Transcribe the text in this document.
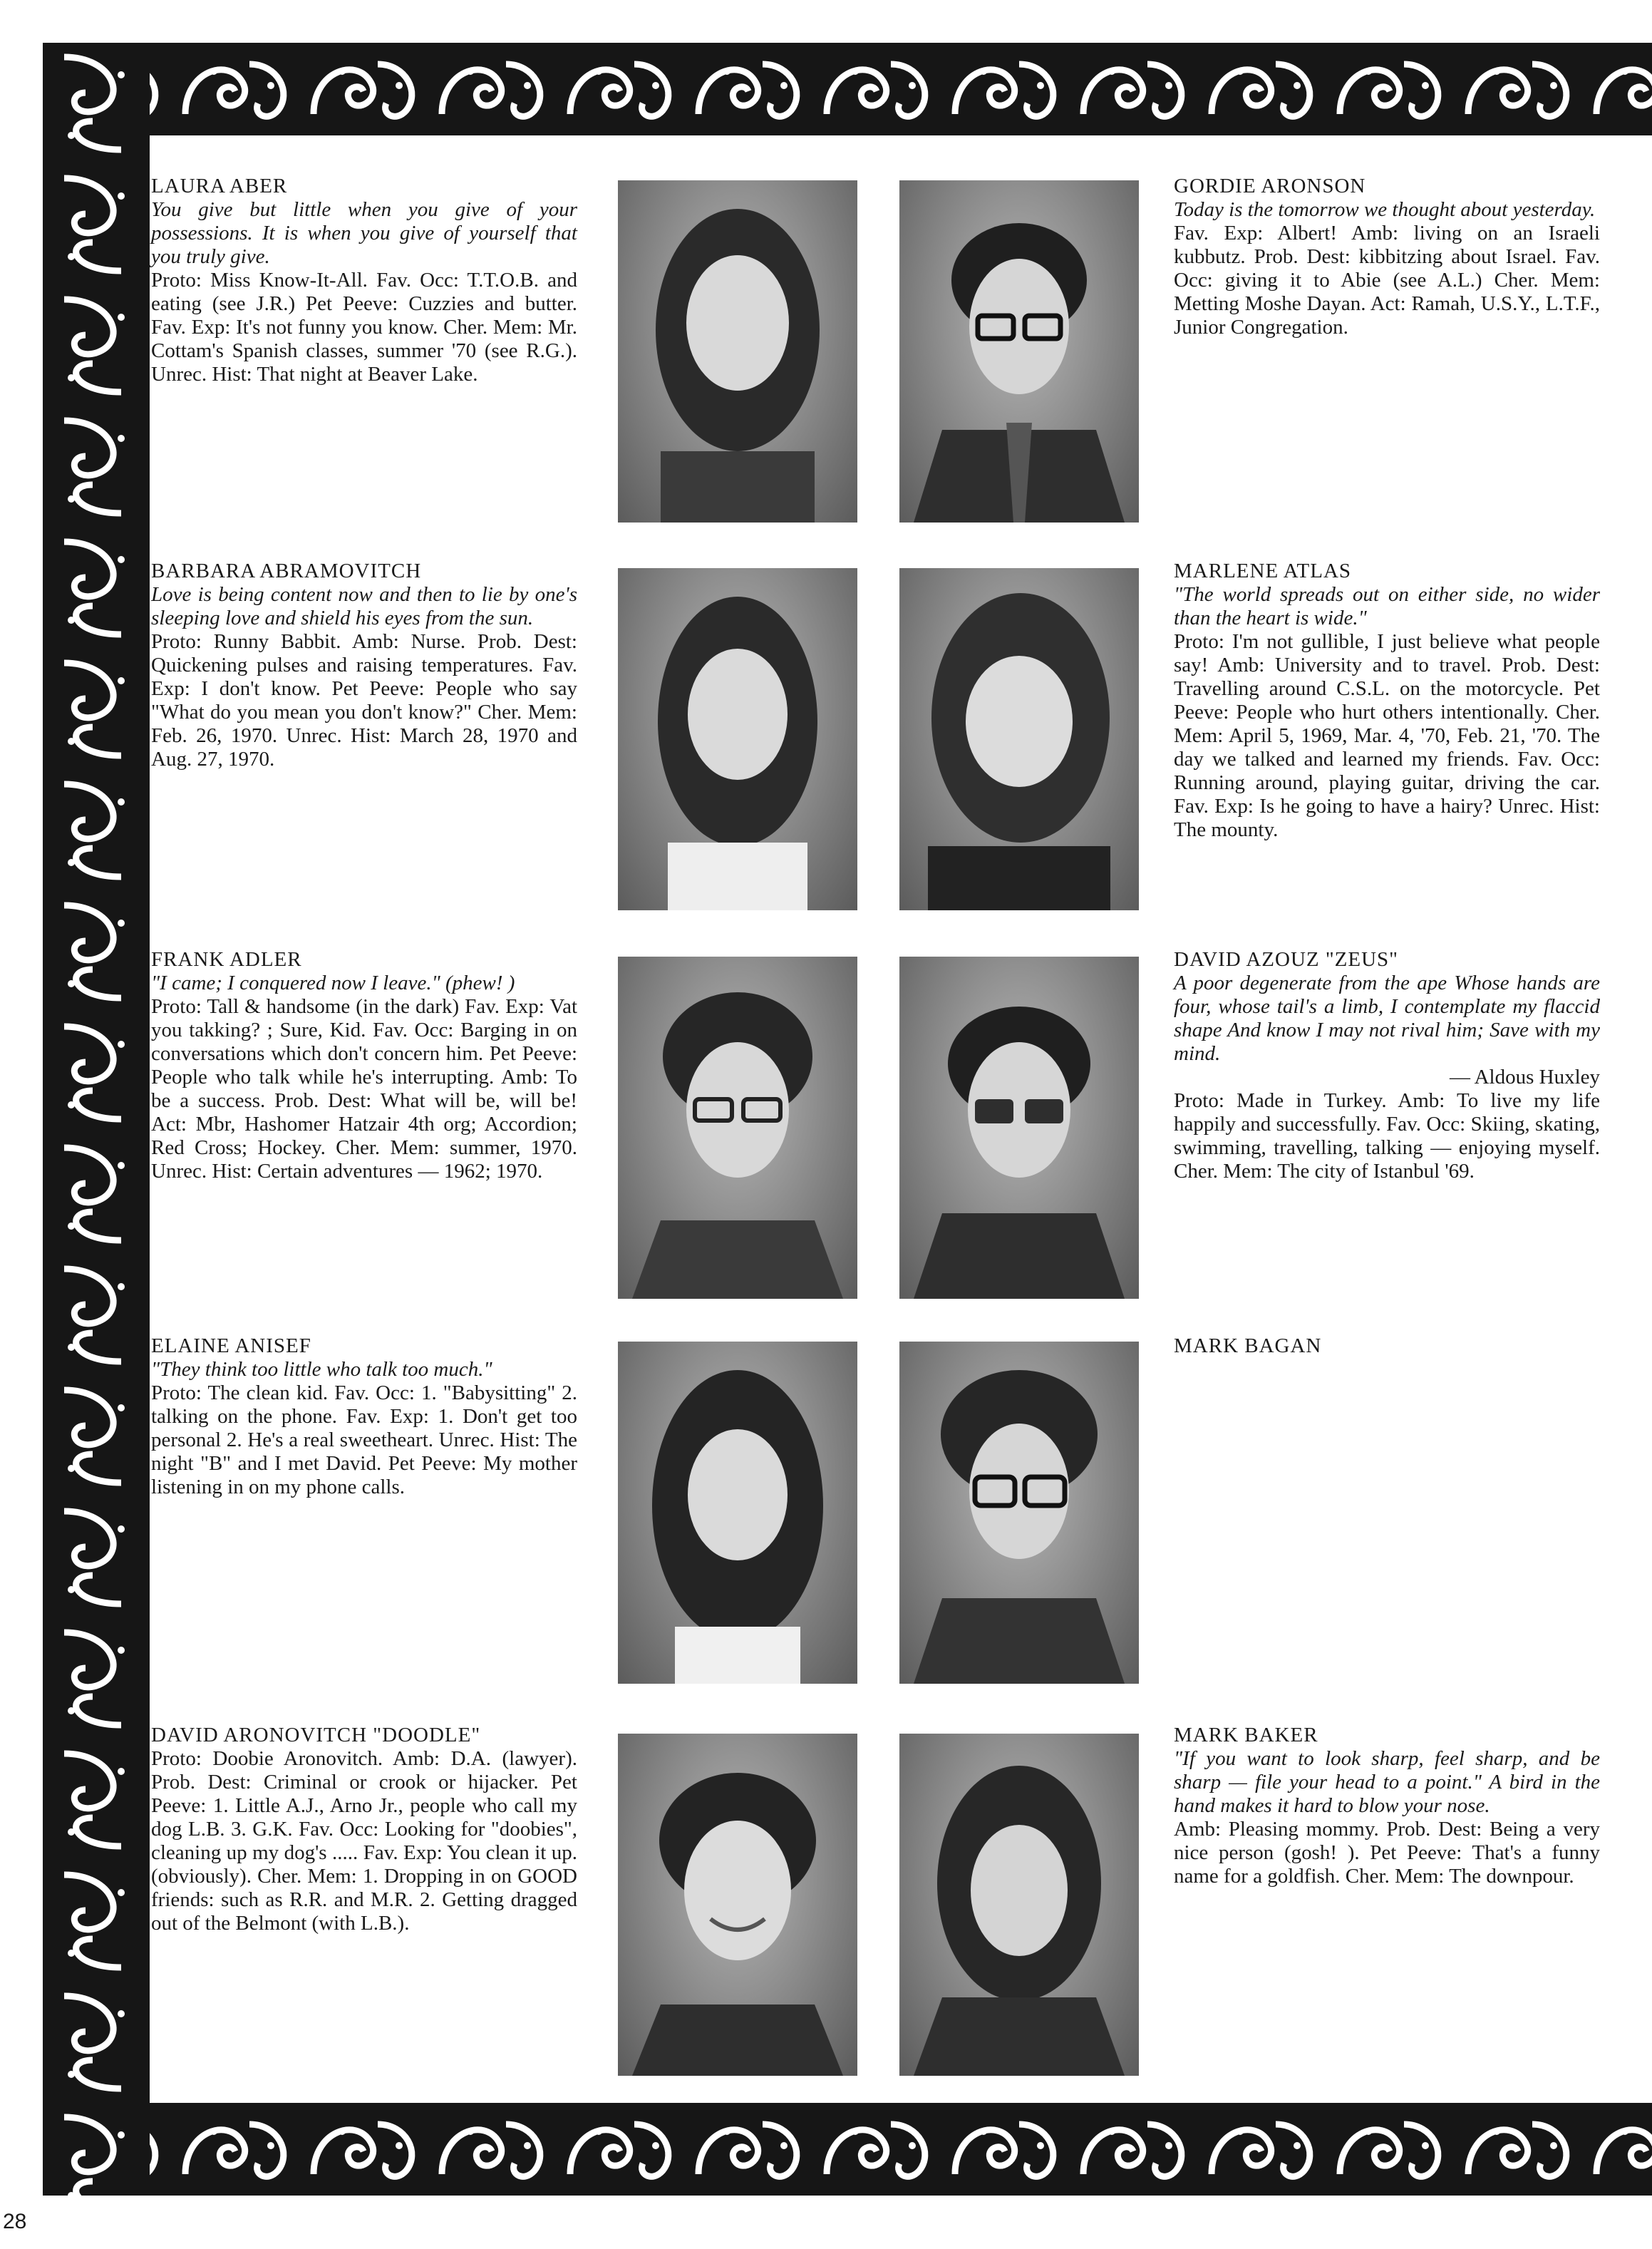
LAURA ABER
You give but little when you give of your possessions. It is when you give of yourself that you truly give.
Proto: Miss Know-It-All. Fav. Occ: T.T.O.B. and eating (see J.R.) Pet Peeve: Cuzzies and butter. Fav. Exp: It's not funny you know. Cher. Mem: Mr. Cottam's Spanish classes, summer '70 (see R.G.). Unrec. Hist: That night at Beaver Lake.
GORDIE ARONSON
Today is the tomorrow we thought about yesterday.
Fav. Exp: Albert! Amb: living on an Israeli kubbutz. Prob. Dest: kibbitzing about Israel. Fav. Occ: giving it to Abie (see A.L.) Cher. Mem: Metting Moshe Dayan. Act: Ramah, U.S.Y., L.T.F., Junior Congregation.
BARBARA ABRAMOVITCH
Love is being content now and then to lie by one's sleeping love and shield his eyes from the sun.
Proto: Runny Babbit. Amb: Nurse. Prob. Dest: Quickening pulses and raising temperatures. Fav. Exp: I don't know. Pet Peeve: People who say "What do you mean you don't know?" Cher. Mem: Feb. 26, 1970. Unrec. Hist: March 28, 1970 and Aug. 27, 1970.
MARLENE ATLAS
"The world spreads out on either side, no wider than the heart is wide."
Proto: I'm not gullible, I just believe what people say! Amb: University and to travel. Prob. Dest: Travelling around C.S.L. on the motorcycle. Pet Peeve: People who hurt others intentionally. Cher. Mem: April 5, 1969, Mar. 4, '70, Feb. 21, '70. The day we talked and learned my friends. Fav. Occ: Running around, playing guitar, driving the car. Fav. Exp: Is he going to have a hairy? Unrec. Hist: The mounty.
FRANK ADLER
"I came; I conquered now I leave." (phew! )
Proto: Tall & handsome (in the dark) Fav. Exp: Vat you takking? ; Sure, Kid. Fav. Occ: Barging in on conversations which don't concern him. Pet Peeve: People who talk while he's interrupting. Amb: To be a success. Prob. Dest: What will be, will be! Act: Mbr, Hashomer Hatzair 4th org; Accordion; Red Cross; Hockey. Cher. Mem: summer, 1970. Unrec. Hist: Certain adventures — 1962; 1970.
DAVID AZOUZ "ZEUS"
A poor degenerate from the ape Whose hands are four, whose tail's a limb, I contemplate my flaccid shape And know I may not rival him; Save with my mind.
— Aldous Huxley
Proto: Made in Turkey. Amb: To live my life happily and successfully. Fav. Occ: Skiing, skating, swimming, travelling, talking — enjoying myself. Cher. Mem: The city of Istanbul '69.
ELAINE ANISEF
"They think too little who talk too much."
Proto: The clean kid. Fav. Occ: 1. "Babysitting" 2. talking on the phone. Fav. Exp: 1. Don't get too personal 2. He's a real sweetheart. Unrec. Hist: The night "B" and I met David. Pet Peeve: My mother listening in on my phone calls.
MARK BAGAN
DAVID ARONOVITCH "DOODLE"
Proto: Doobie Aronovitch. Amb: D.A. (lawyer). Prob. Dest: Criminal or crook or hijacker. Pet Peeve: 1. Little A.J., Arno Jr., people who call my dog L.B. 3. G.K. Fav. Occ: Looking for "doobies", cleaning up my dog's ..... Fav. Exp: You clean it up. (obviously). Cher. Mem: 1. Dropping in on GOOD friends: such as R.R. and M.R. 2. Getting dragged out of the Belmont (with L.B.).
MARK BAKER
"If you want to look sharp, feel sharp, and be sharp — file your head to a point." A bird in the hand makes it hard to blow your nose.
Amb: Pleasing mommy. Prob. Dest: Being a very nice person (gosh! ). Pet Peeve: That's a funny name for a goldfish. Cher. Mem: The downpour.
28
